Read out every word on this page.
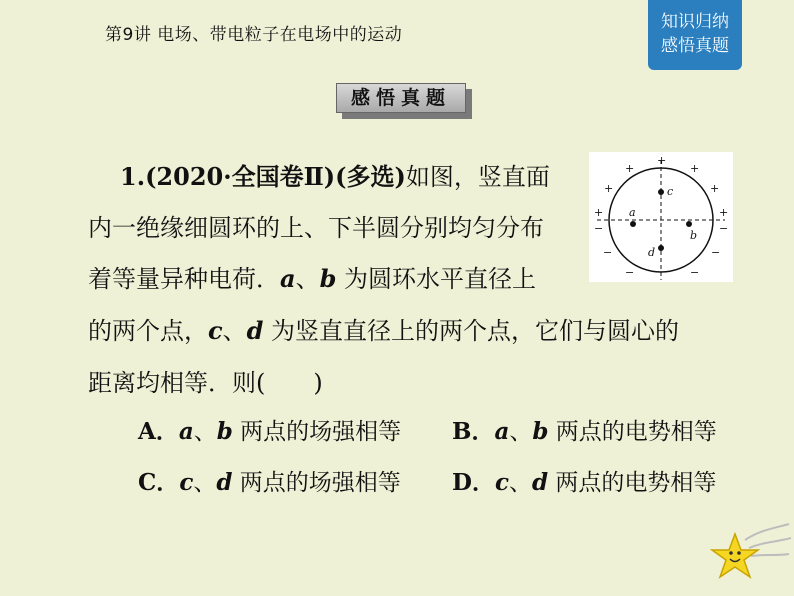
第9讲 电场、带电粒子在电场中的运动
知识归纳
感悟真题
感悟真题
1.(2020·全国卷Ⅱ)(多选)如图，竖直面
内一绝缘细圆环的上、下半圆分别均匀分布
着等量异种电荷．a、b 为圆环水平直径上
的两个点，c、d 为竖直直径上的两个点，它们与圆心的
距离均相等．则(　　)
A．a、b 两点的场强相等 B．a、b 两点的电势相等
C．c、d 两点的场强相等 D．c、d 两点的电势相等
+
+	+
+	+
+	+
−	−
−	−
−	−
c
d
a
b
